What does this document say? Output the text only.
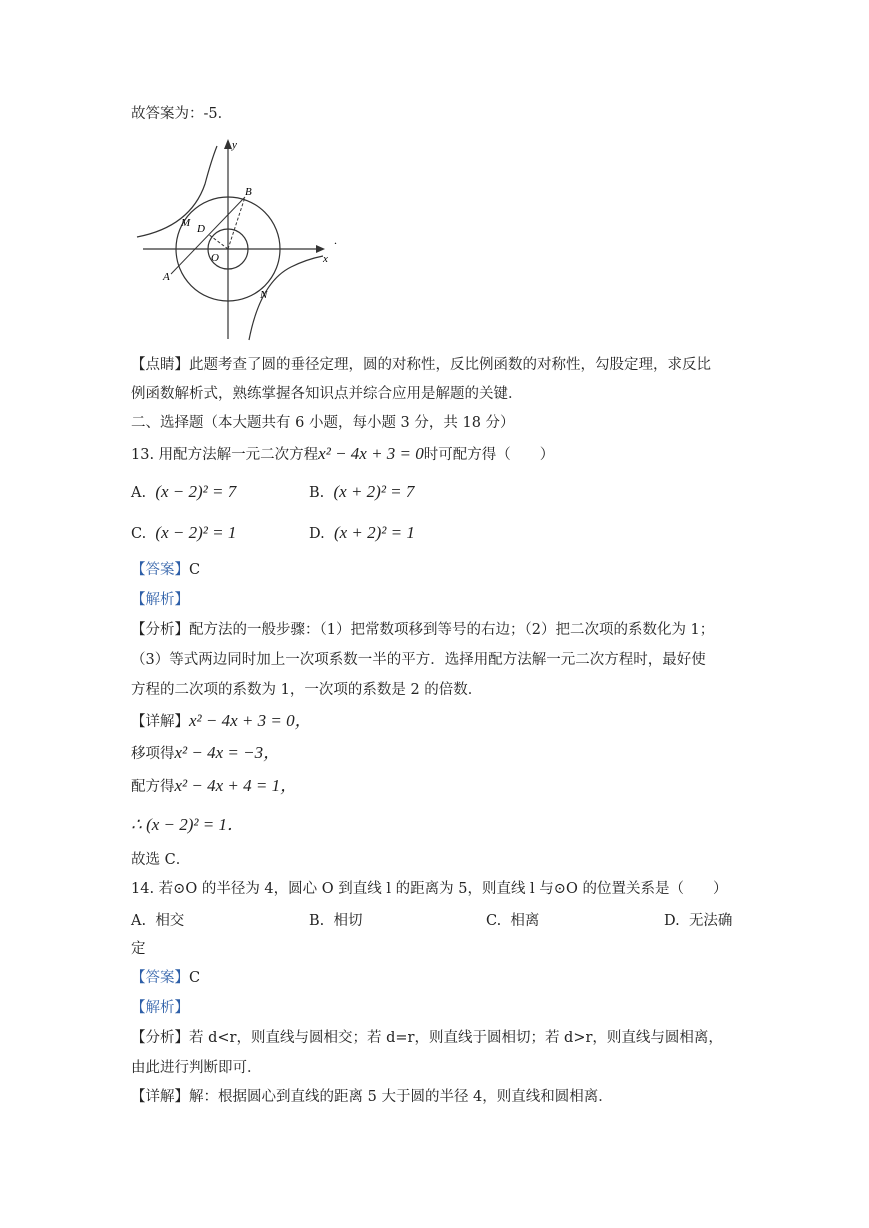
故答案为：-5．
y
x
B
M D
O
A
N
.
【点睛】此题考查了圆的垂径定理，圆的对称性，反比例函数的对称性，勾股定理，求反比
例函数解析式，熟练掌握各知识点并综合应用是解题的关键．
二、选择题（本大题共有 6 小题，每小题 3 分，共 18 分）
13. 用配方法解一元二次方程x² − 4x + 3 = 0时可配方得（　　）
A. (x − 2)² = 7	B. (x + 2)² = 7
C. (x − 2)² = 1	D. (x + 2)² = 1
【答案】C
【解析】
【分析】配方法的一般步骤：（1）把常数项移到等号的右边；（2）把二次项的系数化为 1；
（3）等式两边同时加上一次项系数一半的平方．选择用配方法解一元二次方程时，最好使
方程的二次项的系数为 1，一次项的系数是 2 的倍数．
【详解】x² − 4x + 3 = 0，
移项得x² − 4x = −3，
配方得x² − 4x + 4 = 1，
∴ (x − 2)² = 1．
故选 C．
14. 若⊙O 的半径为 4，圆心 O 到直线 l 的距离为 5，则直线 l 与⊙O 的位置关系是（　　）
A. 相交	B. 相切	C. 相离	D. 无法确
定
【答案】C
【解析】
【分析】若 d<r，则直线与圆相交；若 d=r，则直线于圆相切；若 d>r，则直线与圆相离，
由此进行判断即可．
【详解】解：根据圆心到直线的距离 5 大于圆的半径 4，则直线和圆相离．
